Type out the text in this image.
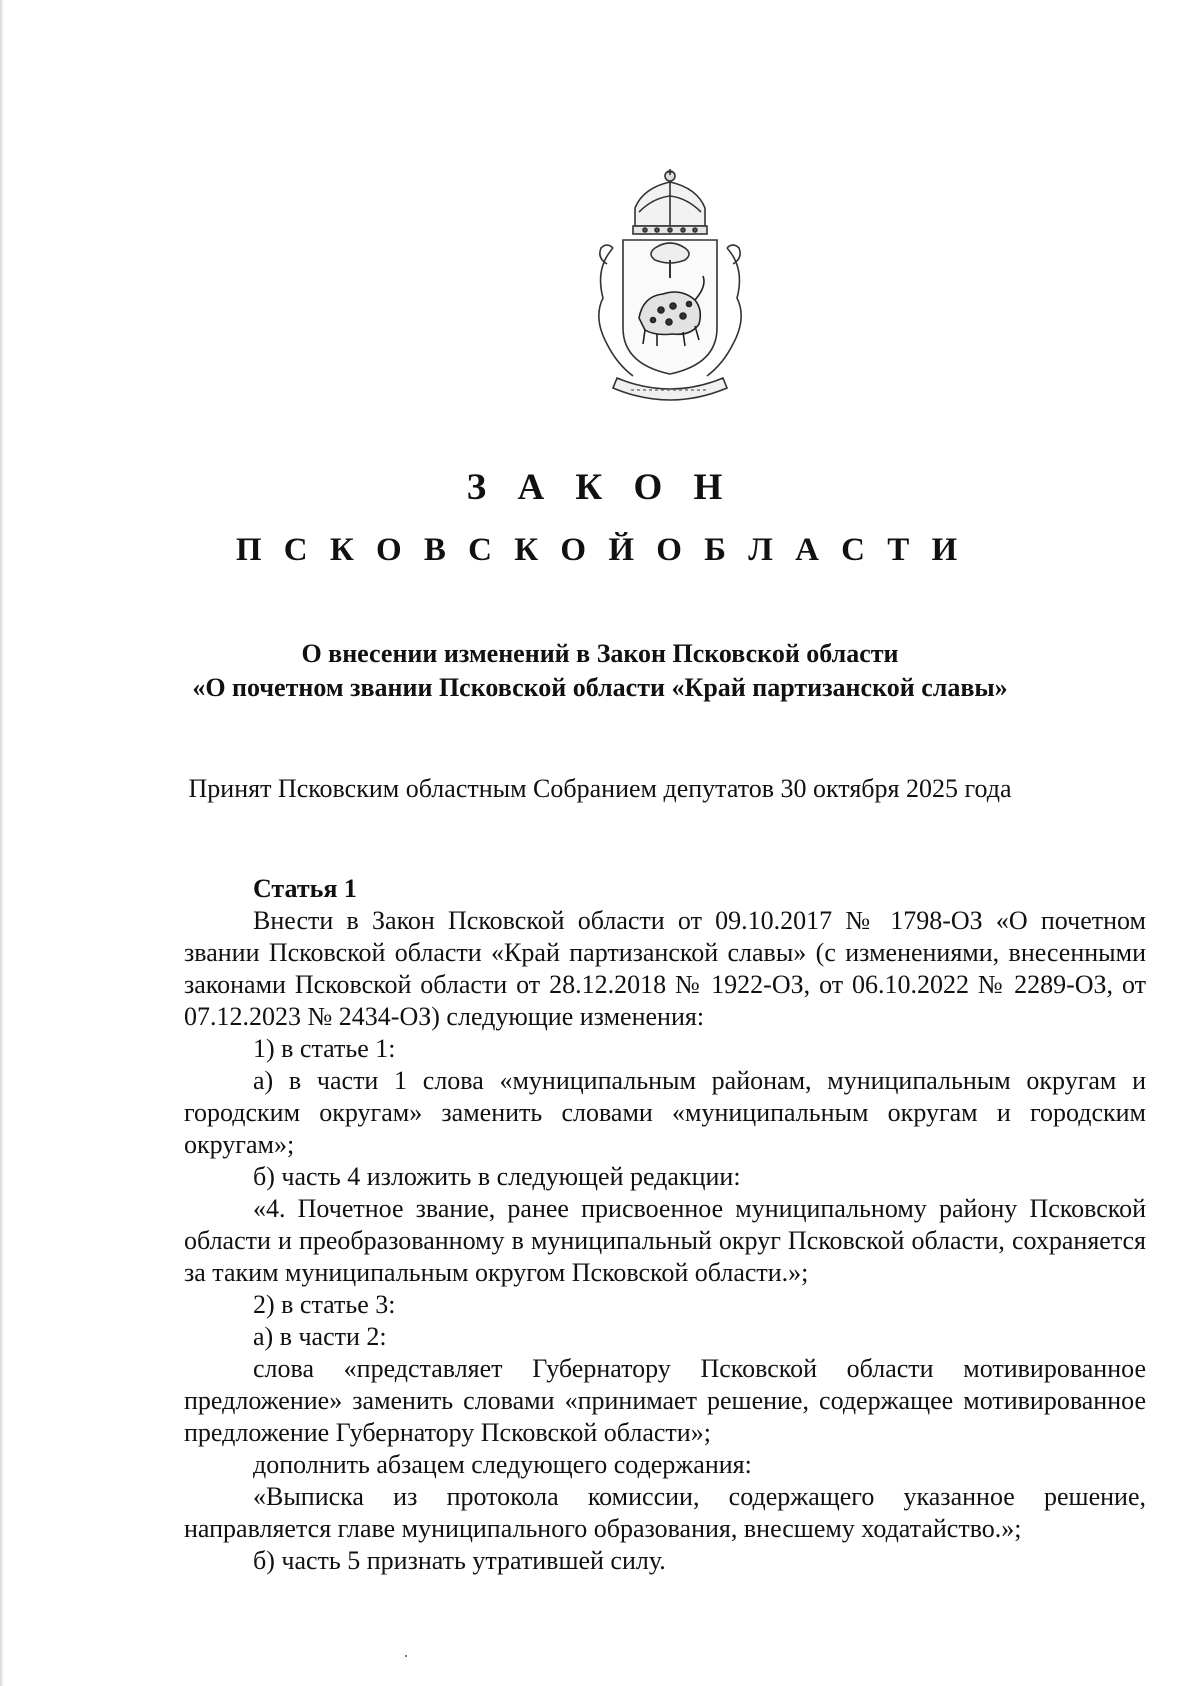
З А К О Н
П С К О В С К О Й О Б Л А С Т И
О внесении изменений в Закон Псковской области
«О почетном звании Псковской области «Край партизанской славы»
Принят Псковским областным Собранием депутатов 30 октября 2025 года

Статья 1

Внести в Закон Псковской области от 09.10.2017 № 1798-ОЗ «О почетном звании Псковской области «Край партизанской славы» (с изменениями, внесенными законами Псковской области от 28.12.2018 № 1922-ОЗ, от 06.10.2022 № 2289-ОЗ, от 07.12.2023 № 2434-ОЗ) следующие изменения:

1) в статье 1:

а) в части 1 слова «муниципальным районам, муниципальным округам и городским округам» заменить словами «муниципальным округам и городским округам»;

б) часть 4 изложить в следующей редакции:

«4. Почетное звание, ранее присвоенное муниципальному району Псковской области и преобразованному в муниципальный округ Псковской области, сохраняется за таким муниципальным округом Псковской области.»;

2) в статье 3:

а) в части 2:

слова «представляет Губернатору Псковской области мотивированное предложение» заменить словами «принимает решение, содержащее мотивированное предложение Губернатору Псковской области»;

дополнить абзацем следующего содержания:

«Выписка из протокола комиссии, содержащего указанное решение, направляется главе муниципального образования, внесшему ходатайство.»;

б) часть 5 признать утратившей силу.
